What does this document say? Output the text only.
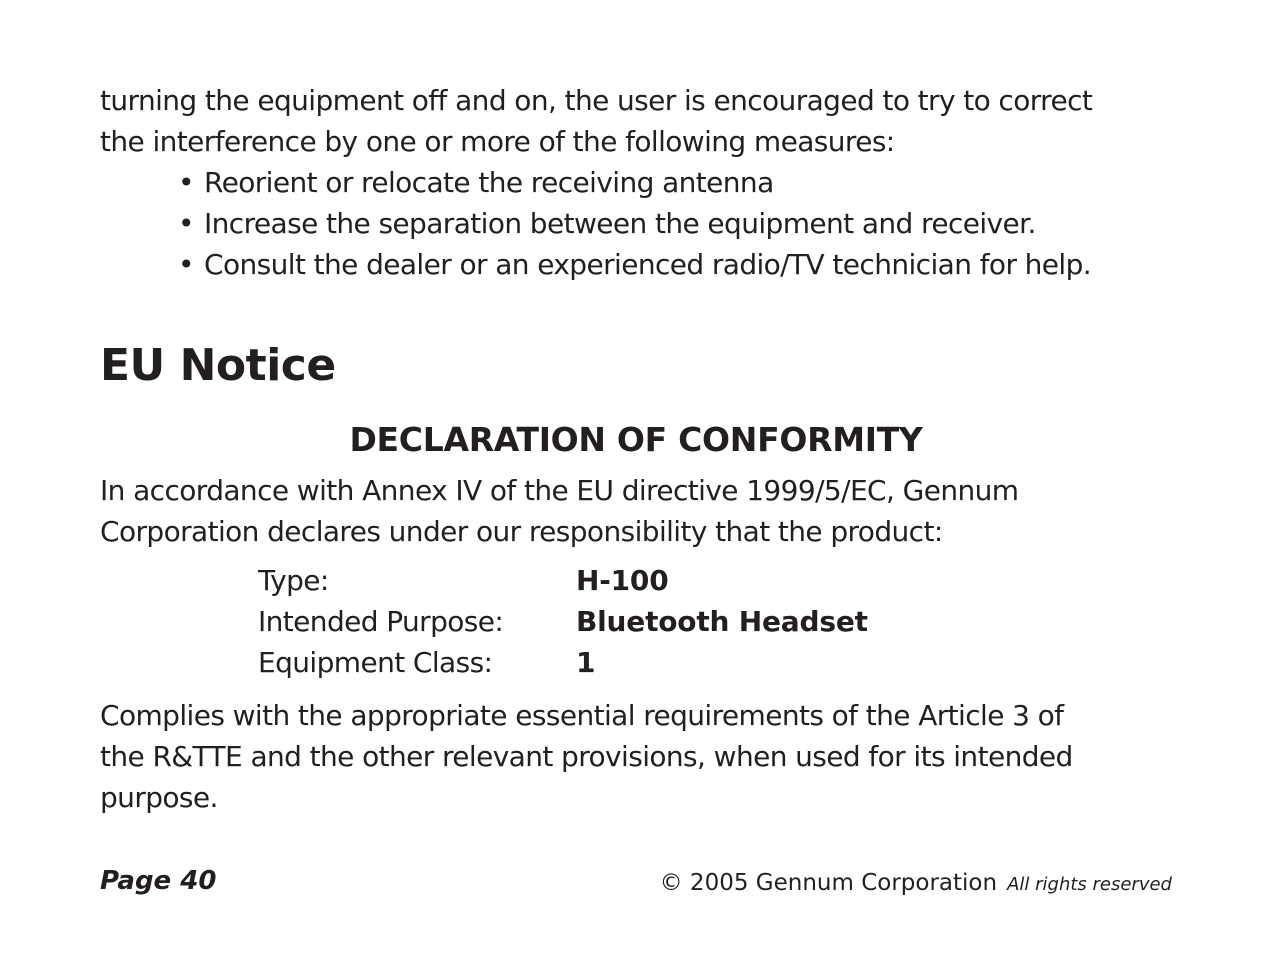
turning the equipment off and on, the user is encouraged to try to correct

the interference by one or more of the following measures:

• Reorient or relocate the receiving antenna
• Increase the separation between the equipment and receiver.
• Consult the dealer or an experienced radio/TV technician for help.
EU Notice
DECLARATION OF CONFORMITY

In accordance with Annex IV of the EU directive 1999/5/EC, Gennum

Corporation declares under our responsibility that the product:

Type:	H-100
Intended Purpose:	Bluetooth Headset
Equipment Class:	1

Complies with the appropriate essential requirements of the Article 3 of

the R&TTE and the other relevant provisions, when used for its intended

purpose.

Page 40	© 2005 Gennum Corporation All rights reserved
